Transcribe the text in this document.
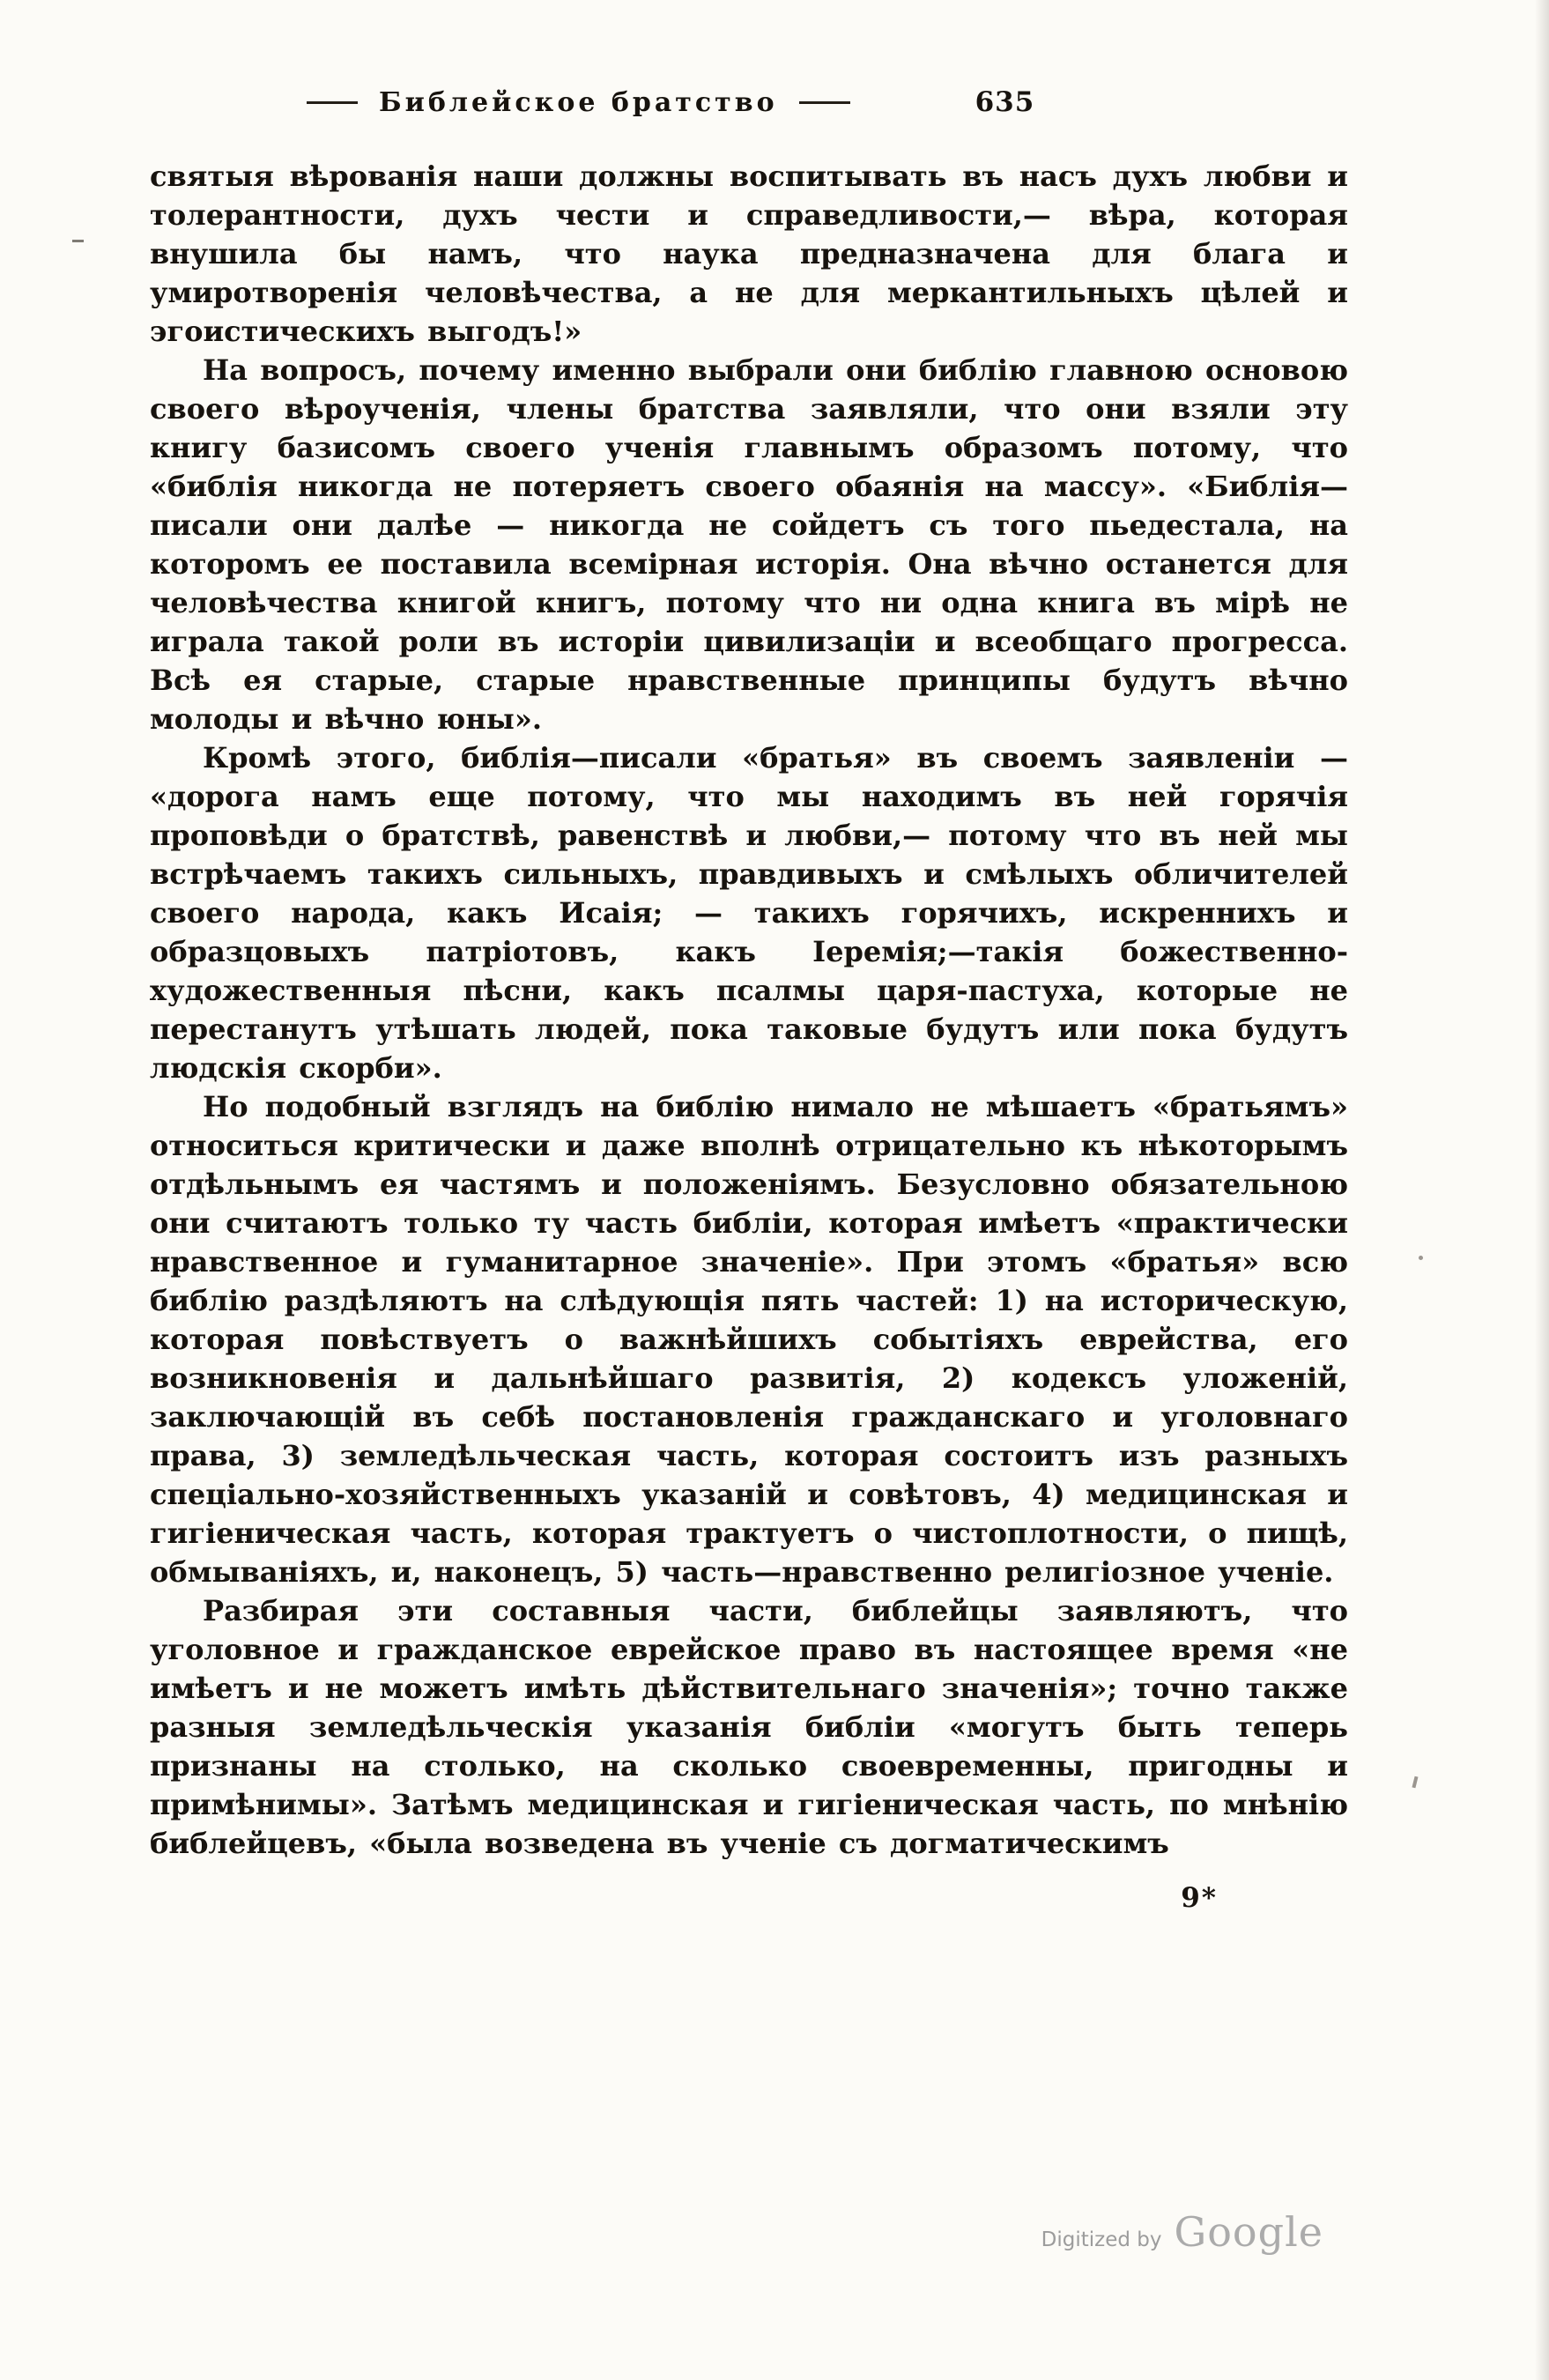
Библейское братство	635

святыя вѣрованія наши должны воспитывать въ насъ духъ любви и толерантности, духъ чести и справедливости,— вѣра, которая внушила бы намъ, что наука предназначена для блага и умиротворенія человѣчества, а не для меркантильныхъ цѣлей и эгоистическихъ выгодъ!»

На вопросъ, почему именно выбрали они библію главною основою своего вѣроученія, члены братства заявляли, что они взяли эту книгу базисомъ своего ученія главнымъ образомъ потому, что «библія никогда не потеряетъ своего обаянія на массу». «Библія— писали они далѣе — никогда не сойдетъ съ того пьедестала, на которомъ ее поставила всемірная исторія. Она вѣчно останется для человѣчества книгой книгъ, потому что ни одна книга въ мірѣ не играла такой роли въ исторіи цивилизаціи и всеобщаго прогресса. Всѣ ея старые, старые нравственные принципы будутъ вѣчно молоды и вѣчно юны».

Кромѣ этого, библія—писали «братья» въ своемъ заявленіи — «дорога намъ еще потому, что мы находимъ въ ней горячія проповѣди о братствѣ, равенствѣ и любви,— потому что въ ней мы встрѣчаемъ такихъ сильныхъ, правдивыхъ и смѣлыхъ обличителей своего народа, какъ Исаія; — такихъ горячихъ, искреннихъ и образцовыхъ патріотовъ, какъ Іеремія;—такія божественно-художественныя пѣсни, какъ псалмы царя-пастуха, которые не перестанутъ утѣшать людей, пока таковые будутъ или пока будутъ людскія скорби».

Но подобный взглядъ на библію нимало не мѣшаетъ «братьямъ» относиться критически и даже вполнѣ отрицательно къ нѣкоторымъ отдѣльнымъ ея частямъ и положеніямъ. Безусловно обязательною они считаютъ только ту часть библіи, которая имѣетъ «практически нравственное и гуманитарное значеніе». При этомъ «братья» всю библію раздѣляютъ на слѣдующія пять частей: 1) на историческую, которая повѣствуетъ о важнѣйшихъ событіяхъ еврейства, его возникновенія и дальнѣйшаго развитія, 2) кодексъ уложеній, заключающій въ себѣ постановленія гражданскаго и уголовнаго права, 3) земледѣльческая часть, которая состоитъ изъ разныхъ спеціально-хозяйственныхъ указаній и совѣтовъ, 4) медицинская и гигіеническая часть, которая трактуетъ о чистоплотности, о пищѣ, обмываніяхъ, и, наконецъ, 5) часть—нравственно религіозное ученіе.

Разбирая эти составныя части, библейцы заявляютъ, что уголовное и гражданское еврейское право въ настоящее время «не имѣетъ и не можетъ имѣть дѣйствительнаго значенія»; точно также разныя земледѣльческія указанія библіи «могутъ быть теперь признаны на столько, на сколько своевременны, пригодны и примѣнимы». Затѣмъ медицинская и гигіеническая часть, по мнѣнію библейцевъ, «была возведена въ ученіе съ догматическимъ

9*
Digitized by Google
